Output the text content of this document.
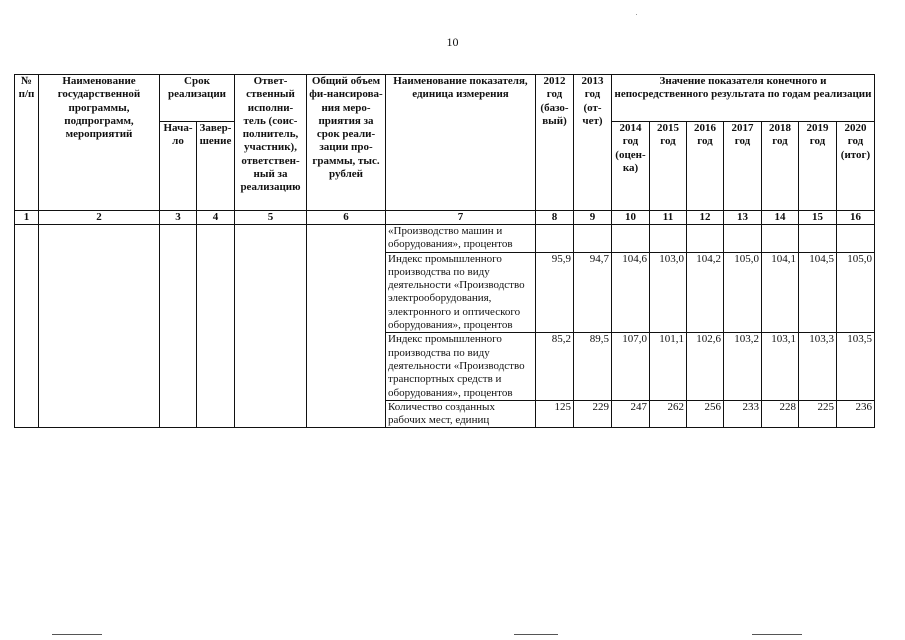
10
№ п/п	Наименование государственной программы, подпрограмм, мероприятий	Срок реализации		Ответ-ственный исполни-тель (соис-полнитель, участник), ответствен-ный за реализацию	Общий объем фи-нансирова-ния меро-приятия за срок реали-зации про-граммы, тыс. рублей	Наименование показателя, единица измерения	2012 год (базо-вый)	2013 год (от-чет)	Значение показателя конечного и непосредственного результата по годам реализации						
		Нача-ло	Завер-шение						2014 год (оцен-ка)	2015 год	2016 год	2017 год	2018 год	2019 год	2020 год (итог)
1	2	3	4	5	6	7	8	9	10	11	12	13	14	15	16
						«Производство машин и оборудования», процентов									
						Индекс промышленного производства по виду деятельности «Производство электрооборудования, электронного и оптического оборудования», процентов	95,9	94,7	104,6	103,0	104,2	105,0	104,1	104,5	105,0
						Индекс промышленного производства по виду деятельности «Производство транспортных средств и оборудования», процентов	85,2	89,5	107,0	101,1	102,6	103,2	103,1	103,3	103,5
						Количество созданных рабочих мест, единиц	125	229	247	262	256	233	228	225	236
